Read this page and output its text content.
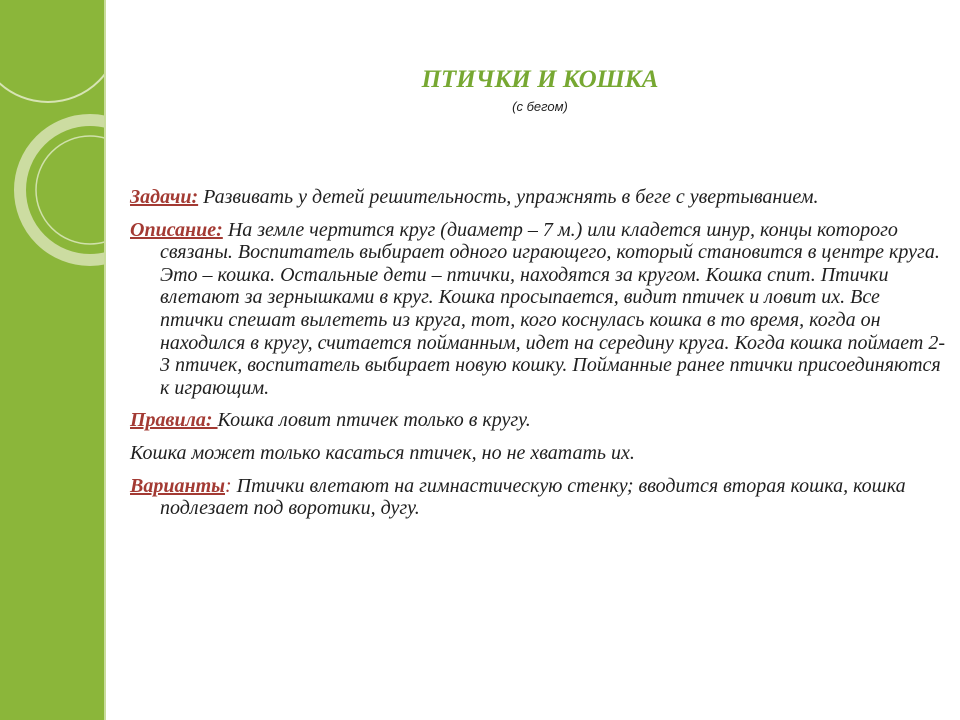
ПТИЧКИ И КОШКА
(с бегом)

Задачи: Развивать у детей решительность, упражнять в беге с увертыванием.

Описание: На земле чертится круг (диаметр – 7 м.) или кладется шнур, концы которого связаны. Воспитатель выбирает одного играющего, который становится в центре круга. Это – кошка. Остальные дети – птички, находятся за кругом. Кошка спит. Птички влетают за зернышками в круг. Кошка просыпается, видит птичек и ловит их. Все птички спешат вылететь из круга, тот, кого коснулась кошка в то время, когда он находился в кругу, считается пойманным, идет на середину круга. Когда кошка поймает 2-3 птичек, воспитатель выбирает новую кошку. Пойманные ранее птички присоединяются к играющим.

Правила: Кошка ловит птичек только в кругу.

Кошка может только касаться птичек, но не хватать их.

Варианты: Птички влетают на гимнастическую стенку; вводится вторая кошка, кошка подлезает под воротики, дугу.
